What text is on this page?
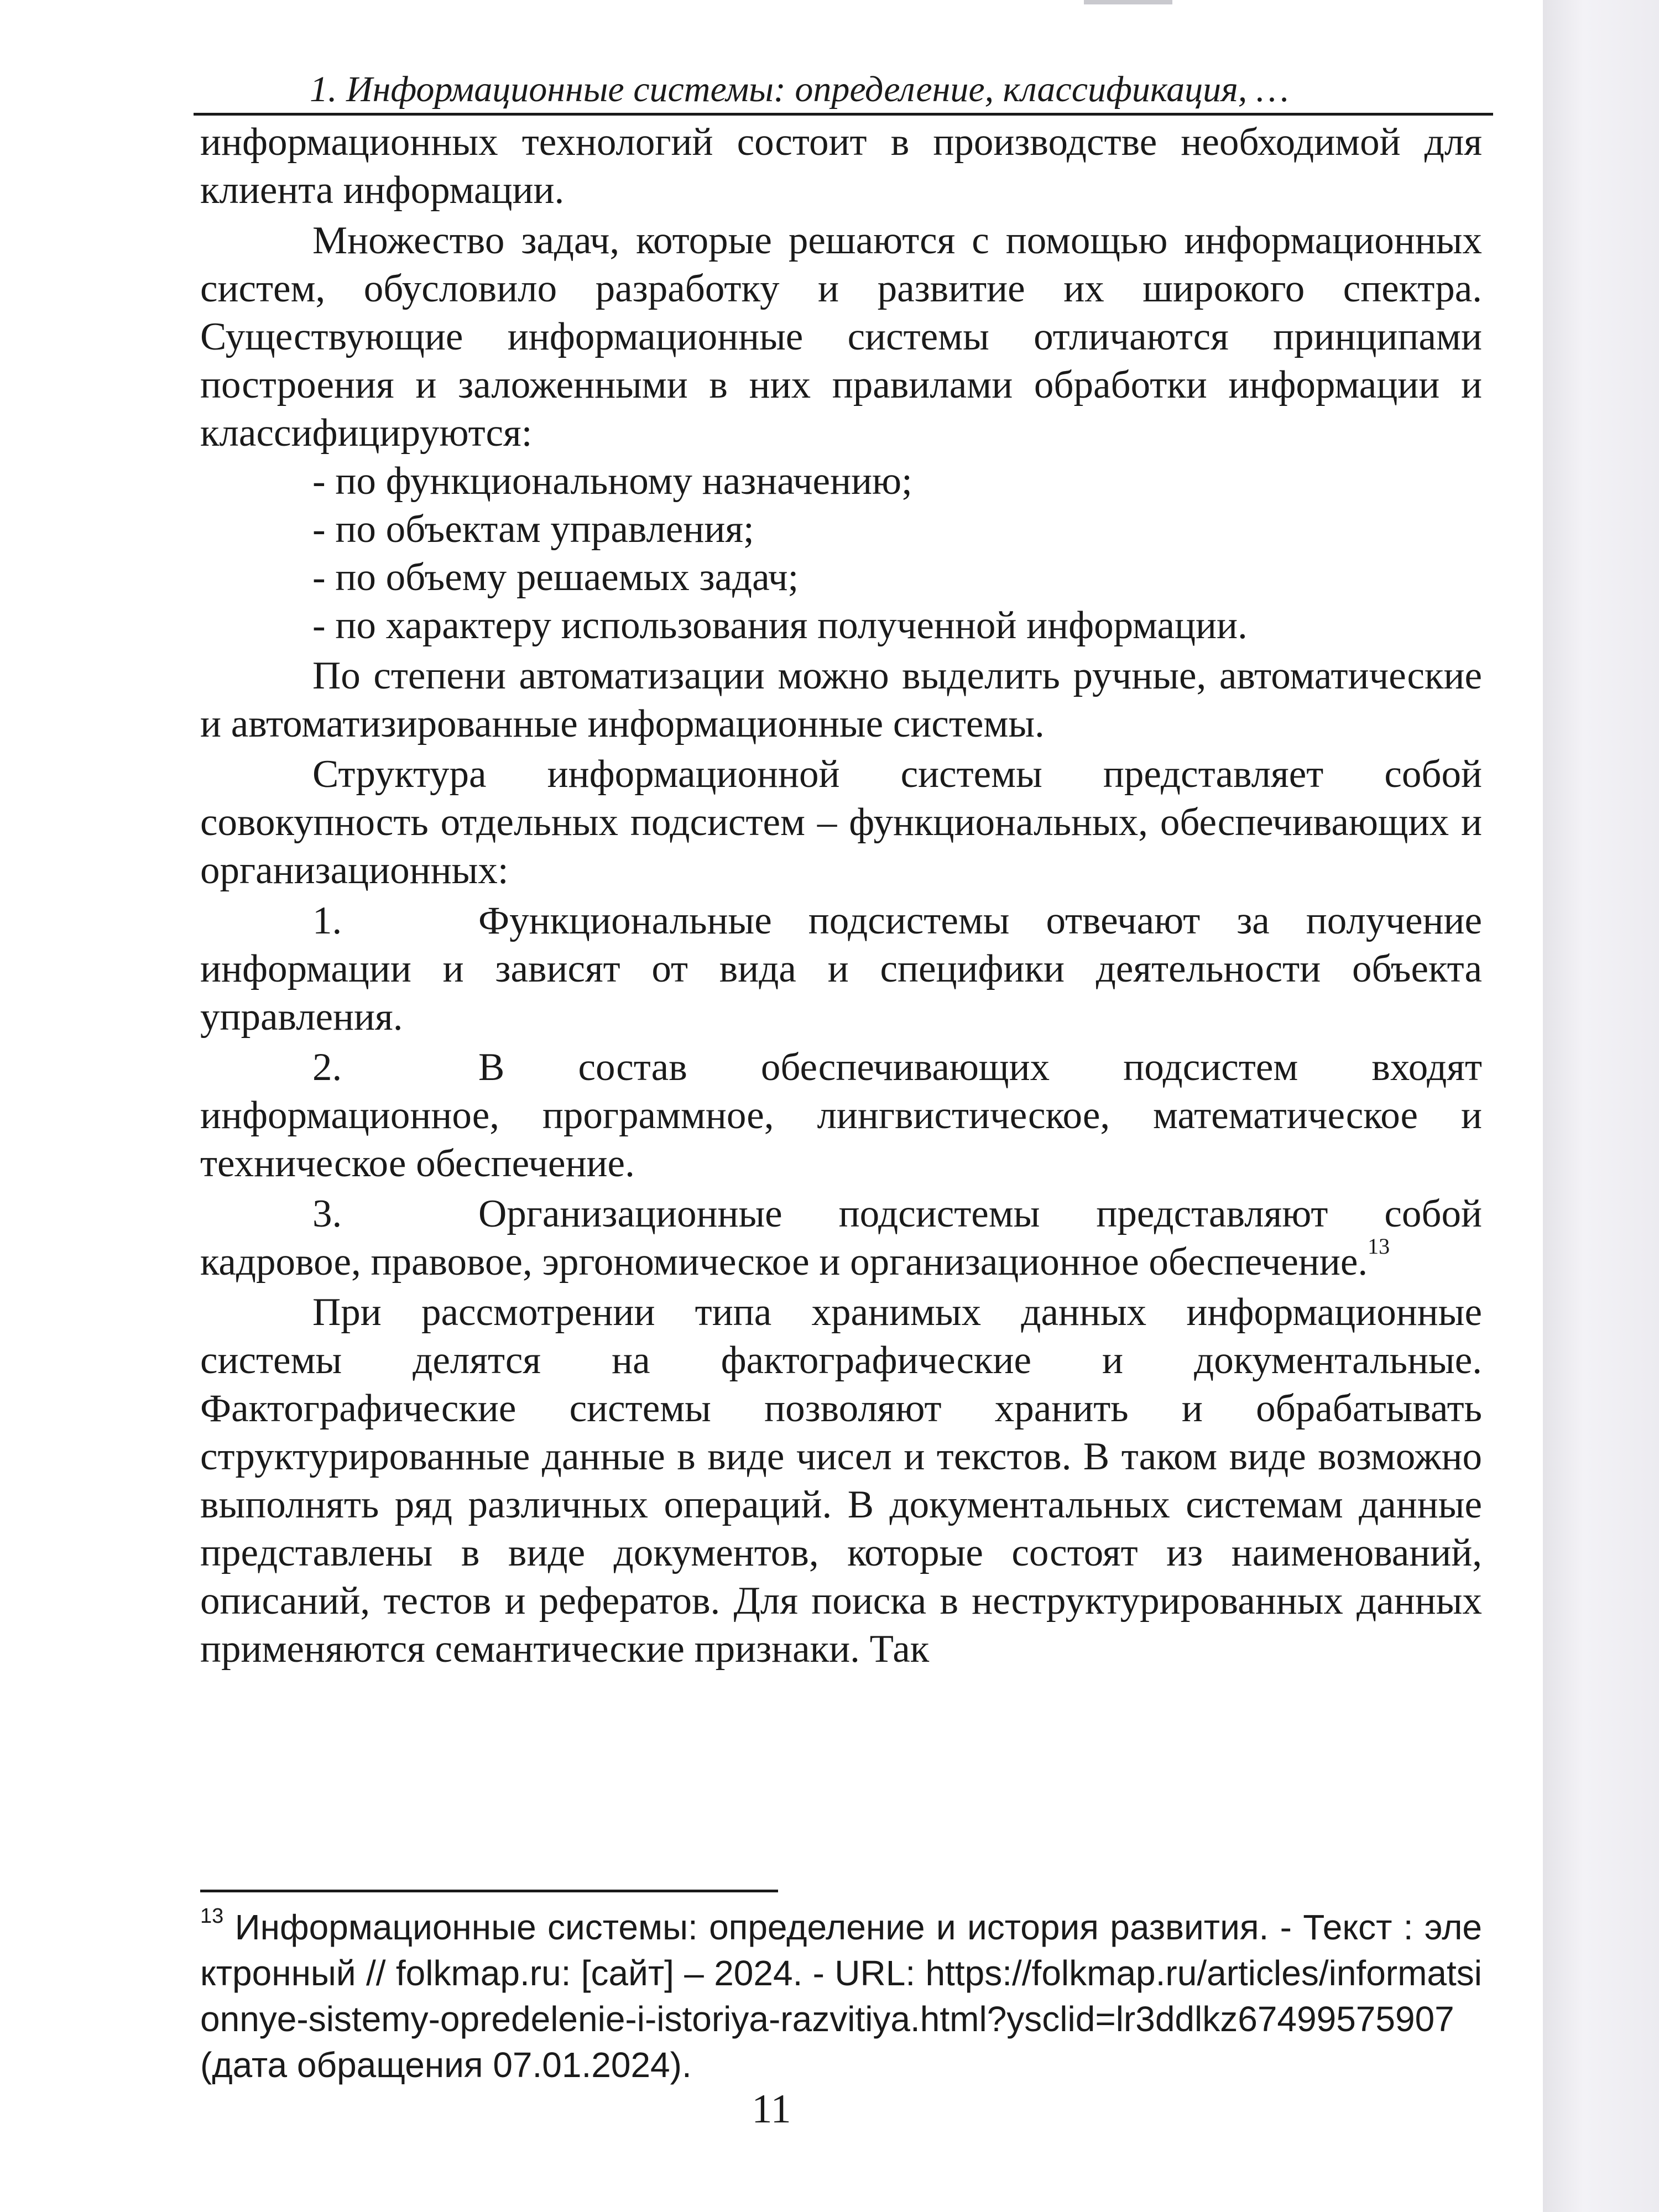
1. Информационные системы: определение, классификация, …

информационных технологий состоит в производстве необходимой для клиента информации.

Множество задач, которые решаются с помощью информационных систем, обусловило разработку и развитие их широкого спектра. Существующие информационные системы отличаются принципами построения и заложенными в них правилами обработки информации и классифицируются:

- по функциональному назначению;

- по объектам управления;

- по объему решаемых задач;

- по характеру использования полученной информации.

По степени автоматизации можно выделить ручные, автоматические и автоматизированные информационные системы.

Структура информационной системы представляет собой совокупность отдельных подсистем – функциональных, обеспечивающих и организационных:

1.	Функциональные подсистемы отвечают за получение информации и зависят от вида и специфики деятельности объекта управления.

2.	В состав обеспечивающих подсистем входят информационное, программное, лингвистическое, математическое и техническое обеспечение.

3.	Организационные подсистемы представляют собой кадровое, правовое, эргономическое и организационное обеспечение.$^{13}$

При рассмотрении типа хранимых данных информационные системы делятся на фактографические и документальные. Фактографические системы позволяют хранить и обрабатывать структурированные данные в виде чисел и текстов. В таком виде возможно выполнять ряд различных операций. В документальных системам данные представлены в виде документов, которые состоят из наименований, описаний, тестов и рефератов. Для поиска в неструктурированных данных применяются семантические признаки. Так

$^{13}$ Информационные системы: определение и история развития. - Текст : электронный // folkmap.ru: [сайт] – 2024. - URL: https://folkmap.ru/articles/informatsionnye-sistemy-opredelenie-i-istoriya-razvitiya.html?ysclid=lr3ddlkz67499575907 (дата обращения 07.01.2024).
11
